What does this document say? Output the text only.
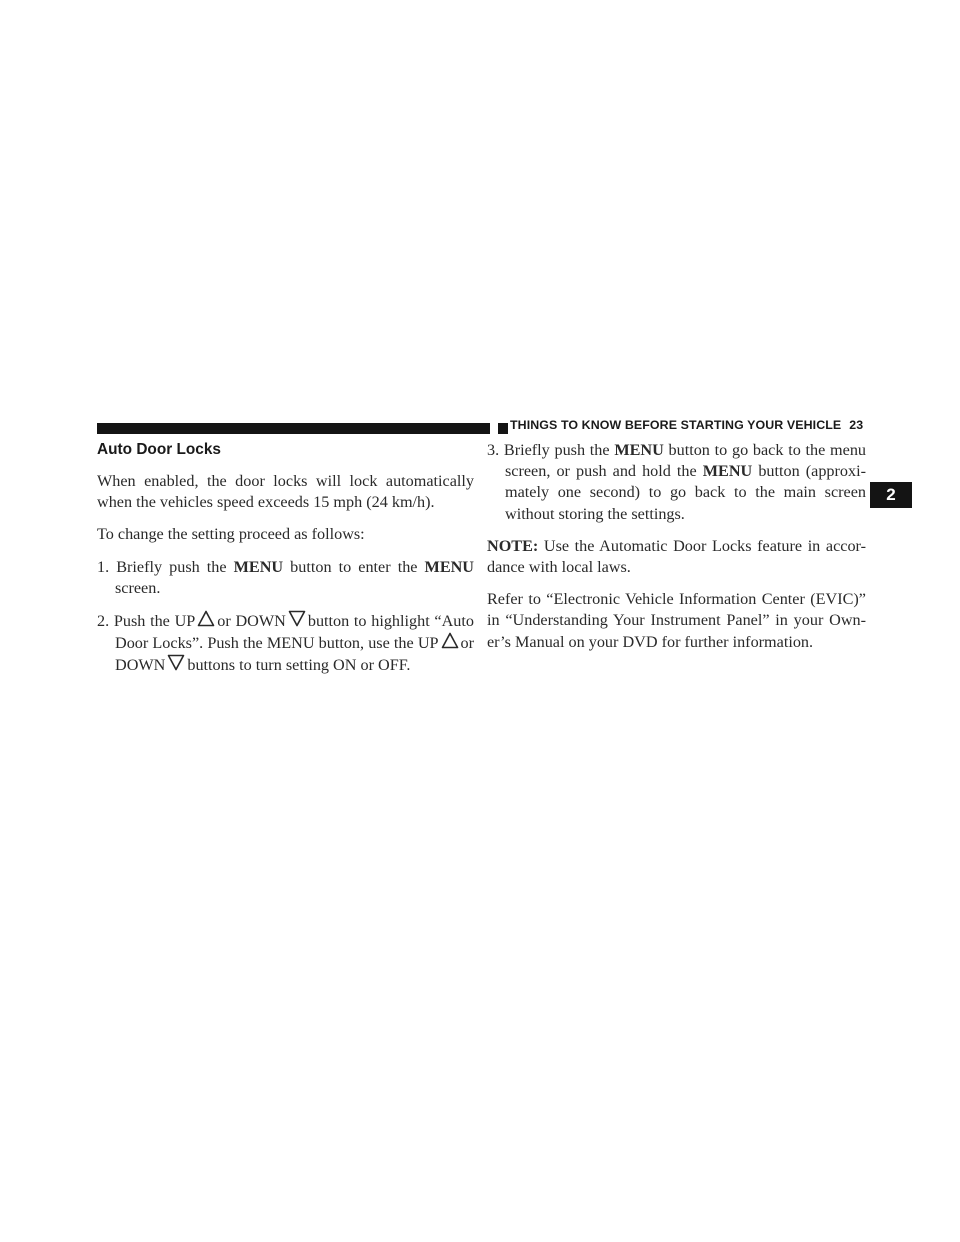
THINGS TO KNOW BEFORE STARTING YOUR VEHICLE 23
2
Auto Door Locks

When enabled, the door locks will lock automatically when the vehicles speed exceeds 15 mph (24 km/h).

To change the setting proceed as follows:

1. Briefly push the MENU button to enter the MENU screen.

2. Push the UP or DOWN button to highlight “Auto Door Locks”. Push the MENU button, use the UP or DOWN buttons to turn setting ON or OFF.

3. Briefly push the MENU button to go back to the menu screen, or push and hold the MENU button (approxi-mately one second) to go back to the main screen without storing the settings.

NOTE: Use the Automatic Door Locks feature in accor-dance with local laws.

Refer to “Electronic Vehicle Information Center (EVIC)” in “Understanding Your Instrument Panel” in your Own-er’s Manual on your DVD for further information.
